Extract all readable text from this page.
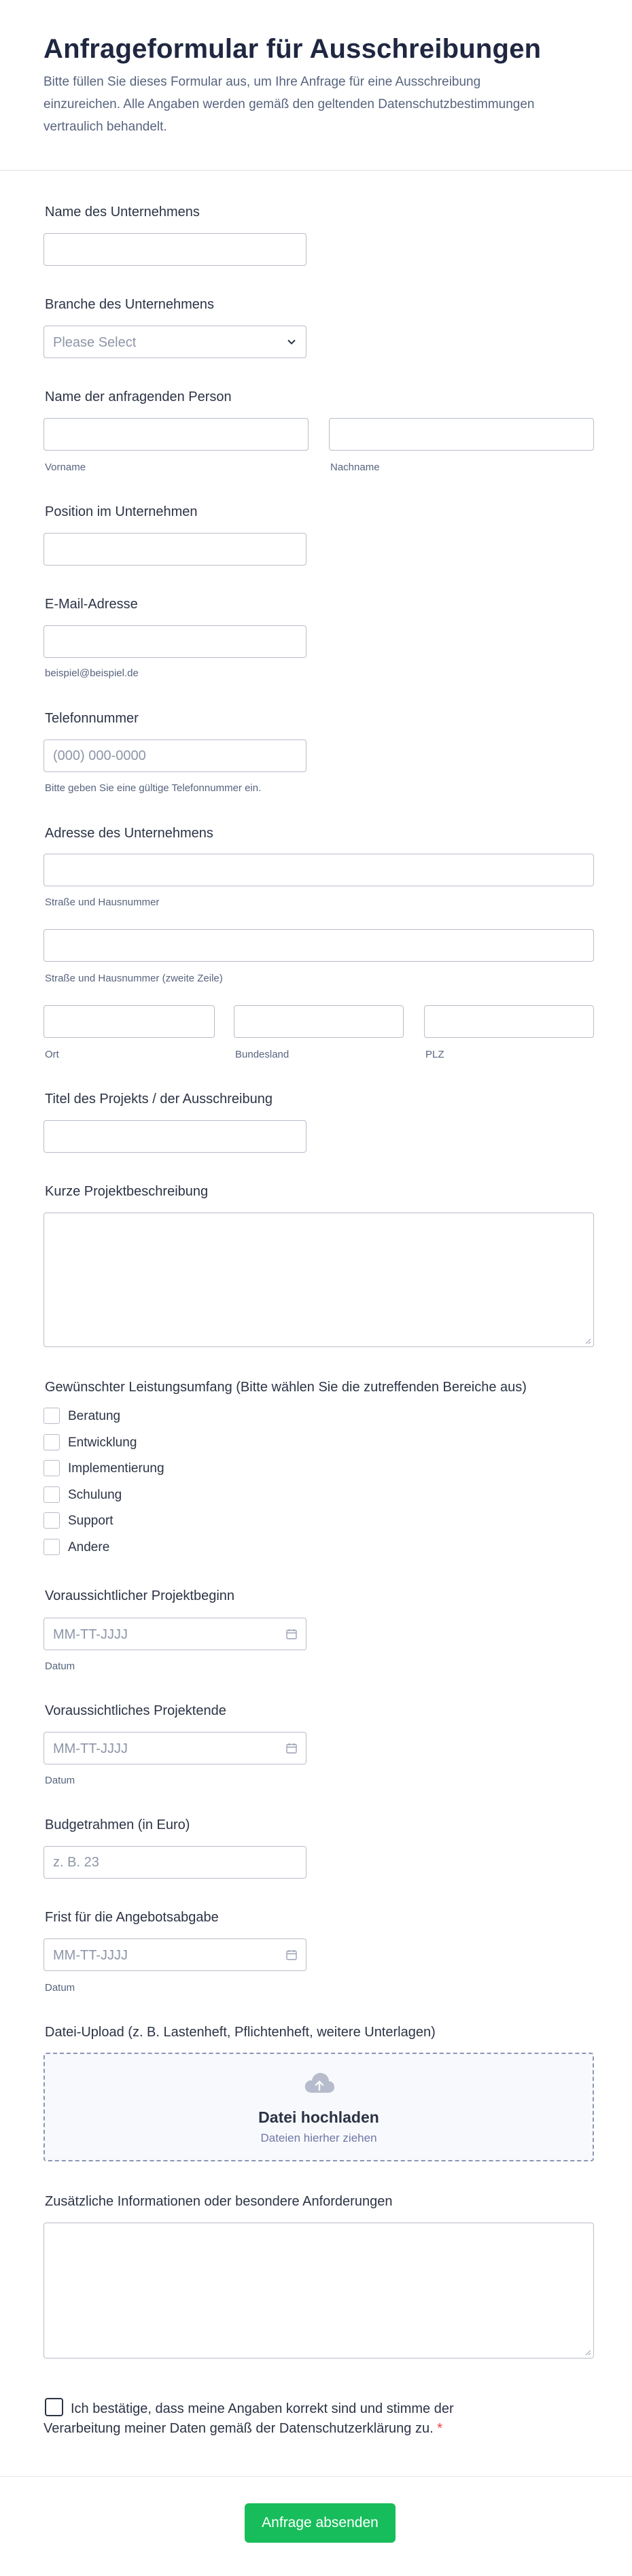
Anfrageformular für Ausschreibungen

Bitte füllen Sie dieses Formular aus, um Ihre Anfrage für eine Ausschreibung einzureichen. Alle Angaben werden gemäß den geltenden Datenschutzbestimmungen vertraulich behandelt.

Name des Unternehmens
Branche des Unternehmens
Please Select
Name der anfragenden Person
Vorname	Nachname
Position im Unternehmen
E-Mail-Adresse
beispiel@beispiel.de
Telefonnummer
(000) 000-0000
Bitte geben Sie eine gültige Telefonnummer ein.
Adresse des Unternehmens
Straße und Hausnummer
Straße und Hausnummer (zweite Zeile)
Ort	Bundesland	PLZ
Titel des Projekts / der Ausschreibung
Kurze Projektbeschreibung
Gewünschter Leistungsumfang (Bitte wählen Sie die zutreffenden Bereiche aus)
Beratung
Entwicklung
Implementierung
Schulung
Support
Andere
Voraussichtlicher Projektbeginn
MM-TT-JJJJ
Datum
Voraussichtliches Projektende
MM-TT-JJJJ
Datum
Budgetrahmen (in Euro)
z. B. 23
Frist für die Angebotsabgabe
MM-TT-JJJJ
Datum
Datei-Upload (z. B. Lastenheft, Pflichtenheft, weitere Unterlagen)
Datei hochladen
Dateien hierher ziehen
Zusätzliche Informationen oder besondere Anforderungen
Ich bestätige, dass meine Angaben korrekt sind und stimme der Verarbeitung meiner Daten gemäß der Datenschutzerklärung zu. *
Anfrage absenden
